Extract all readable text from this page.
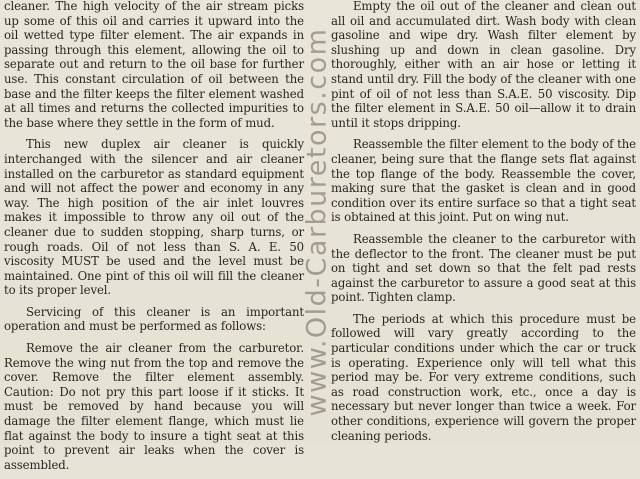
cleaner. The high velocity of the air stream picks up some of this oil and carries it upward into the oil wetted type filter element. The air expands in passing through this element, allowing the oil to separate out and return to the oil base for further use. This constant circulation of oil between the base and the filter keeps the filter element washed at all times and returns the collected impurities to the base where they settle in the form of mud.

This new duplex air cleaner is quickly interchanged with the silencer and air cleaner installed on the carburetor as standard equipment and will not affect the power and economy in any way. The high position of the air inlet louvres makes it impossible to throw any oil out of the cleaner due to sudden stopping, sharp turns, or rough roads. Oil of not less than S. A. E. 50 viscosity MUST be used and the level must be maintained. One pint of this oil will fill the cleaner to its proper level.

Servicing of this cleaner is an important operation and must be performed as follows:

Remove the air cleaner from the carburetor. Remove the wing nut from the top and remove the cover. Remove the filter element assembly. Caution: Do not pry this part loose if it sticks. It must be removed by hand because you will damage the filter element flange, which must lie flat against the body to insure a tight seat at this point to prevent air leaks when the cover is assembled.

www.Old-Carburetors.com

Empty the oil out of the cleaner and clean out all oil and accumulated dirt. Wash body with clean gasoline and wipe dry. Wash filter element by slushing up and down in clean gasoline. Dry thoroughly, either with an air hose or letting it stand until dry. Fill the body of the cleaner with one pint of oil of not less than S.A.E. 50 viscosity. Dip the filter element in S.A.E. 50 oil—allow it to drain until it stops dripping.

Reassemble the filter element to the body of the cleaner, being sure that the flange sets flat against the top flange of the body. Reassemble the cover, making sure that the gasket is clean and in good condition over its entire surface so that a tight seat is obtained at this joint. Put on wing nut.

Reassemble the cleaner to the carburetor with the deflector to the front. The cleaner must be put on tight and set down so that the felt pad rests against the carburetor to assure a good seat at this point. Tighten clamp.

The periods at which this procedure must be followed will vary greatly according to the particular conditions under which the car or truck is operating. Experience only will tell what this period may be. For very extreme conditions, such as road construction work, etc., once a day is necessary but never longer than twice a week. For other conditions, experience will govern the proper cleaning periods.
